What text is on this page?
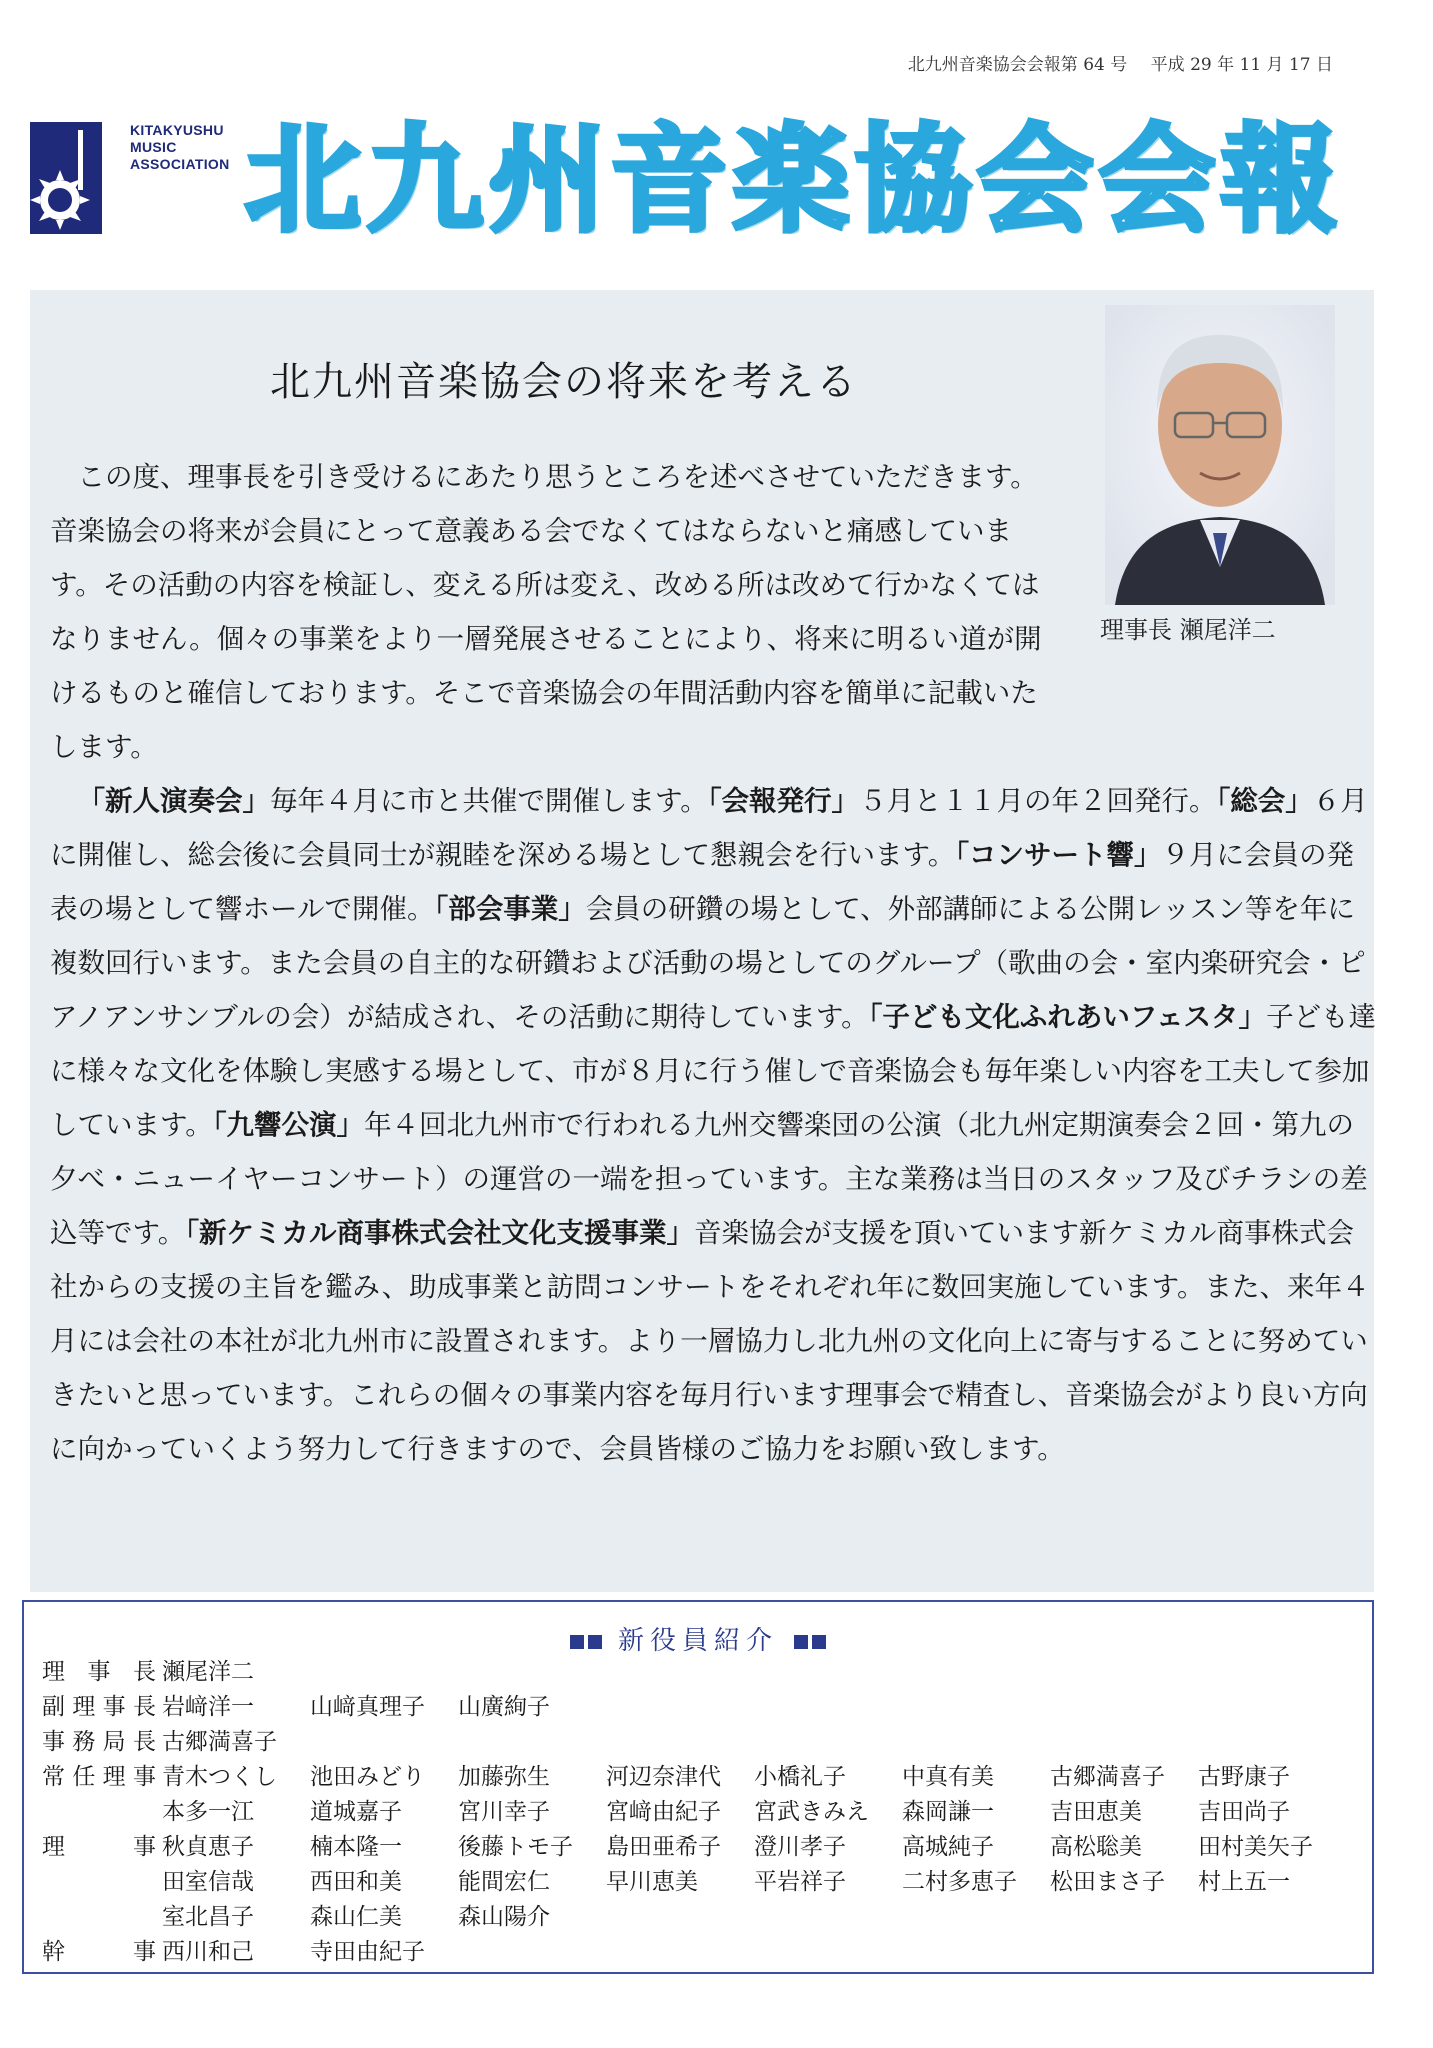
北九州音楽協会会報第 64 号 平成 29 年 11 月 17 日
KITAKYUSHU
MUSIC
ASSOCIATION 北九州音楽協会会報
北九州音楽協会の将来を考える
理事長 瀬尾洋二

この度、理事長を引き受けるにあたり思うところを述べさせていただきます。音楽協会の将来が会員にとって意義ある会でなくてはならないと痛感しています。その活動の内容を検証し、変える所は変え、改める所は改めて行かなくてはなりません。個々の事業をより一層発展させることにより、将来に明るい道が開けるものと確信しております。そこで音楽協会の年間活動内容を簡単に記載いたします。

「新人演奏会」毎年４月に市と共催で開催します。「会報発行」５月と１１月の年２回発行。「総会」６月に開催し、総会後に会員同士が親睦を深める場として懇親会を行います。「コンサート響」９月に会員の発表の場として響ホールで開催。「部会事業」会員の研鑽の場として、外部講師による公開レッスン等を年に複数回行います。また会員の自主的な研鑽および活動の場としてのグループ（歌曲の会・室内楽研究会・ピアノアンサンブルの会）が結成され、その活動に期待しています。「子ども文化ふれあいフェスタ」子ども達に様々な文化を体験し実感する場として、市が８月に行う催しで音楽協会も毎年楽しい内容を工夫して参加しています。「九響公演」年４回北九州市で行われる九州交響楽団の公演（北九州定期演奏会２回・第九の夕べ・ニューイヤーコンサート）の運営の一端を担っています。主な業務は当日のスタッフ及びチラシの差込等です。「新ケミカル商事株式会社文化支援事業」音楽協会が支援を頂いています新ケミカル商事株式会社からの支援の主旨を鑑み、助成事業と訪問コンサートをそれぞれ年に数回実施しています。また、来年４月には会社の本社が北九州市に設置されます。より一層協力し北九州の文化向上に寄与することに努めていきたいと思っています。これらの個々の事業内容を毎月行います理事会で精査し、音楽協会がより良い方向に向かっていくよう努力して行きますので、会員皆様のご協力をお願い致します。

新役員紹介
理 事 長 瀬尾洋二
副 理 事 長 岩﨑洋一	山﨑真理子	山廣絢子
事 務 局 長 古郷満喜子
常 任 理 事 青木つくし	池田みどり	加藤弥生	河辺奈津代	小橋礼子	中真有美	古郷満喜子	古野康子
本多一江	道城嘉子	宮川幸子	宮﨑由紀子	宮武きみえ	森岡謙一	吉田恵美	吉田尚子
理	事 秋貞恵子	楠本隆一	後藤トモ子	島田亜希子	澄川孝子	高城純子	高松聡美	田村美矢子
田室信哉	西田和美	能間宏仁	早川恵美	平岩祥子	二村多恵子	松田まさ子	村上五一
室北昌子	森山仁美	森山陽介
幹	事 西川和己	寺田由紀子
